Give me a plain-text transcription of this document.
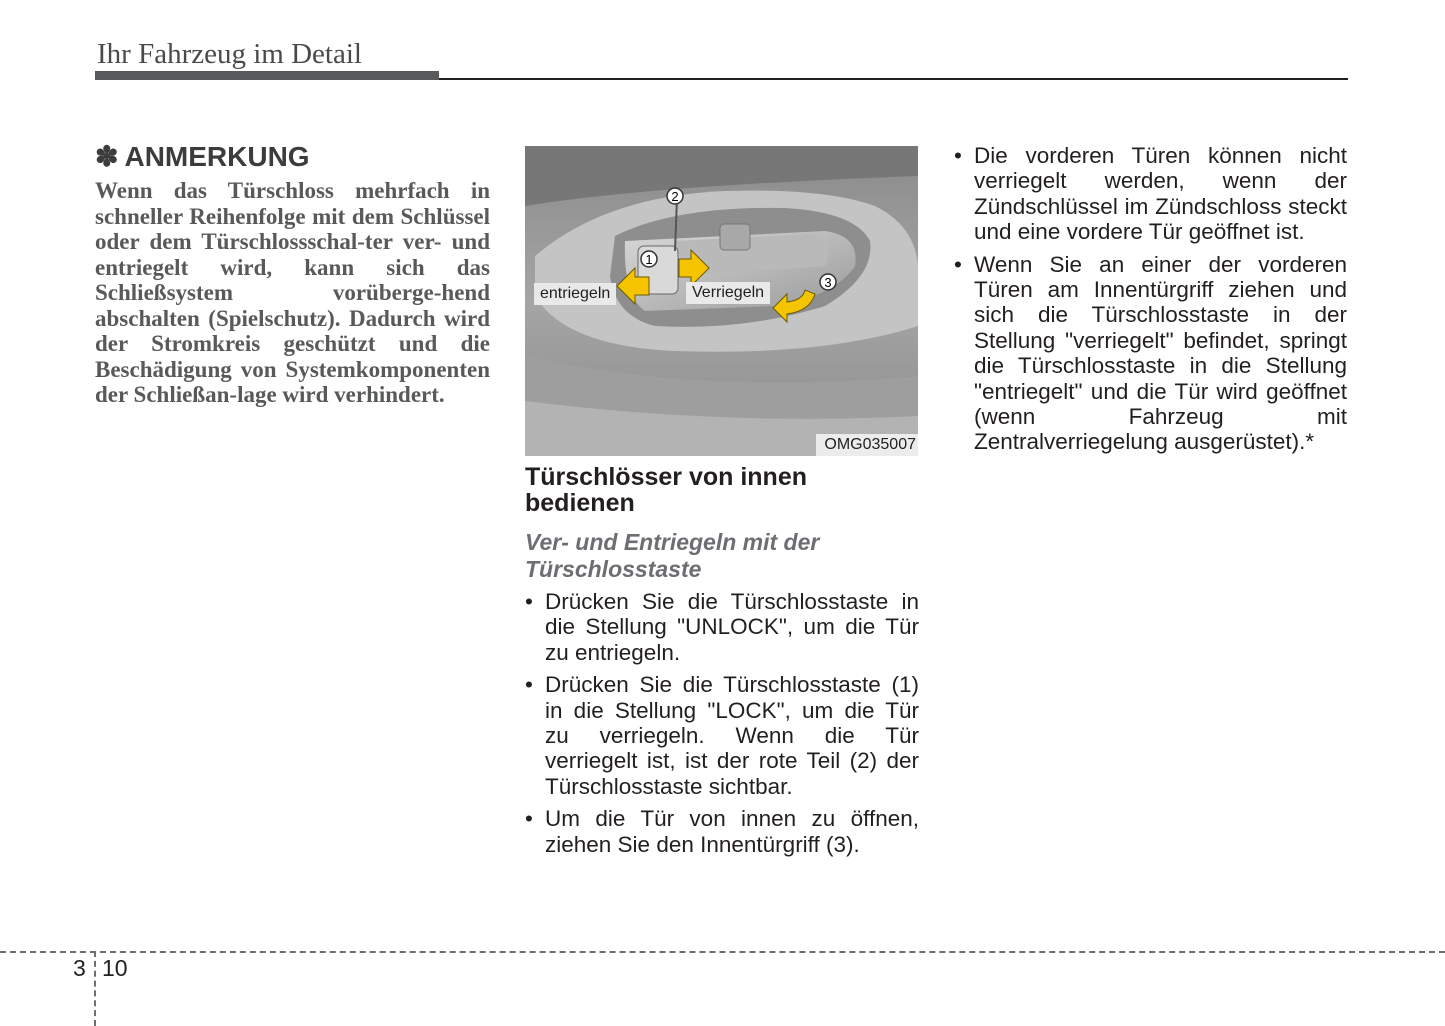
Ihr Fahrzeug im Detail
✽ ANMERKUNG

Wenn das Türschloss mehrfach in schneller Reihenfolge mit dem Schlüssel oder dem Türschlossschal-ter ver- und entriegelt wird, kann sich das Schließsystem vorüberge-hend abschalten (Spielschutz). Dadurch wird der Stromkreis geschützt und die Beschädigung von Systemkomponenten der Schließan-lage wird verhindert.

2
1
3
entriegeln	Verriegeln
OMG035007
Türschlösser von innen bedienen
Ver- und Entriegeln mit der Türschlosstaste
• Drücken Sie die Türschlosstaste in die Stellung "UNLOCK", um die Tür zu entriegeln.
• Drücken Sie die Türschlosstaste (1) in die Stellung "LOCK", um die Tür zu verriegeln. Wenn die Tür verriegelt ist, ist der rote Teil (2) der Türschlosstaste sichtbar.
• Um die Tür von innen zu öffnen, ziehen Sie den Innentürgriff (3).
• Die vorderen Türen können nicht verriegelt werden, wenn der Zündschlüssel im Zündschloss steckt und eine vordere Tür geöffnet ist.
• Wenn Sie an einer der vorderen Türen am Innentürgriff ziehen und sich die Türschlosstaste in der Stellung "verriegelt" befindet, springt die Türschlosstaste in die Stellung "entriegelt" und die Tür wird geöffnet (wenn Fahrzeug mit Zentralverriegelung ausgerüstet).*
3 10
